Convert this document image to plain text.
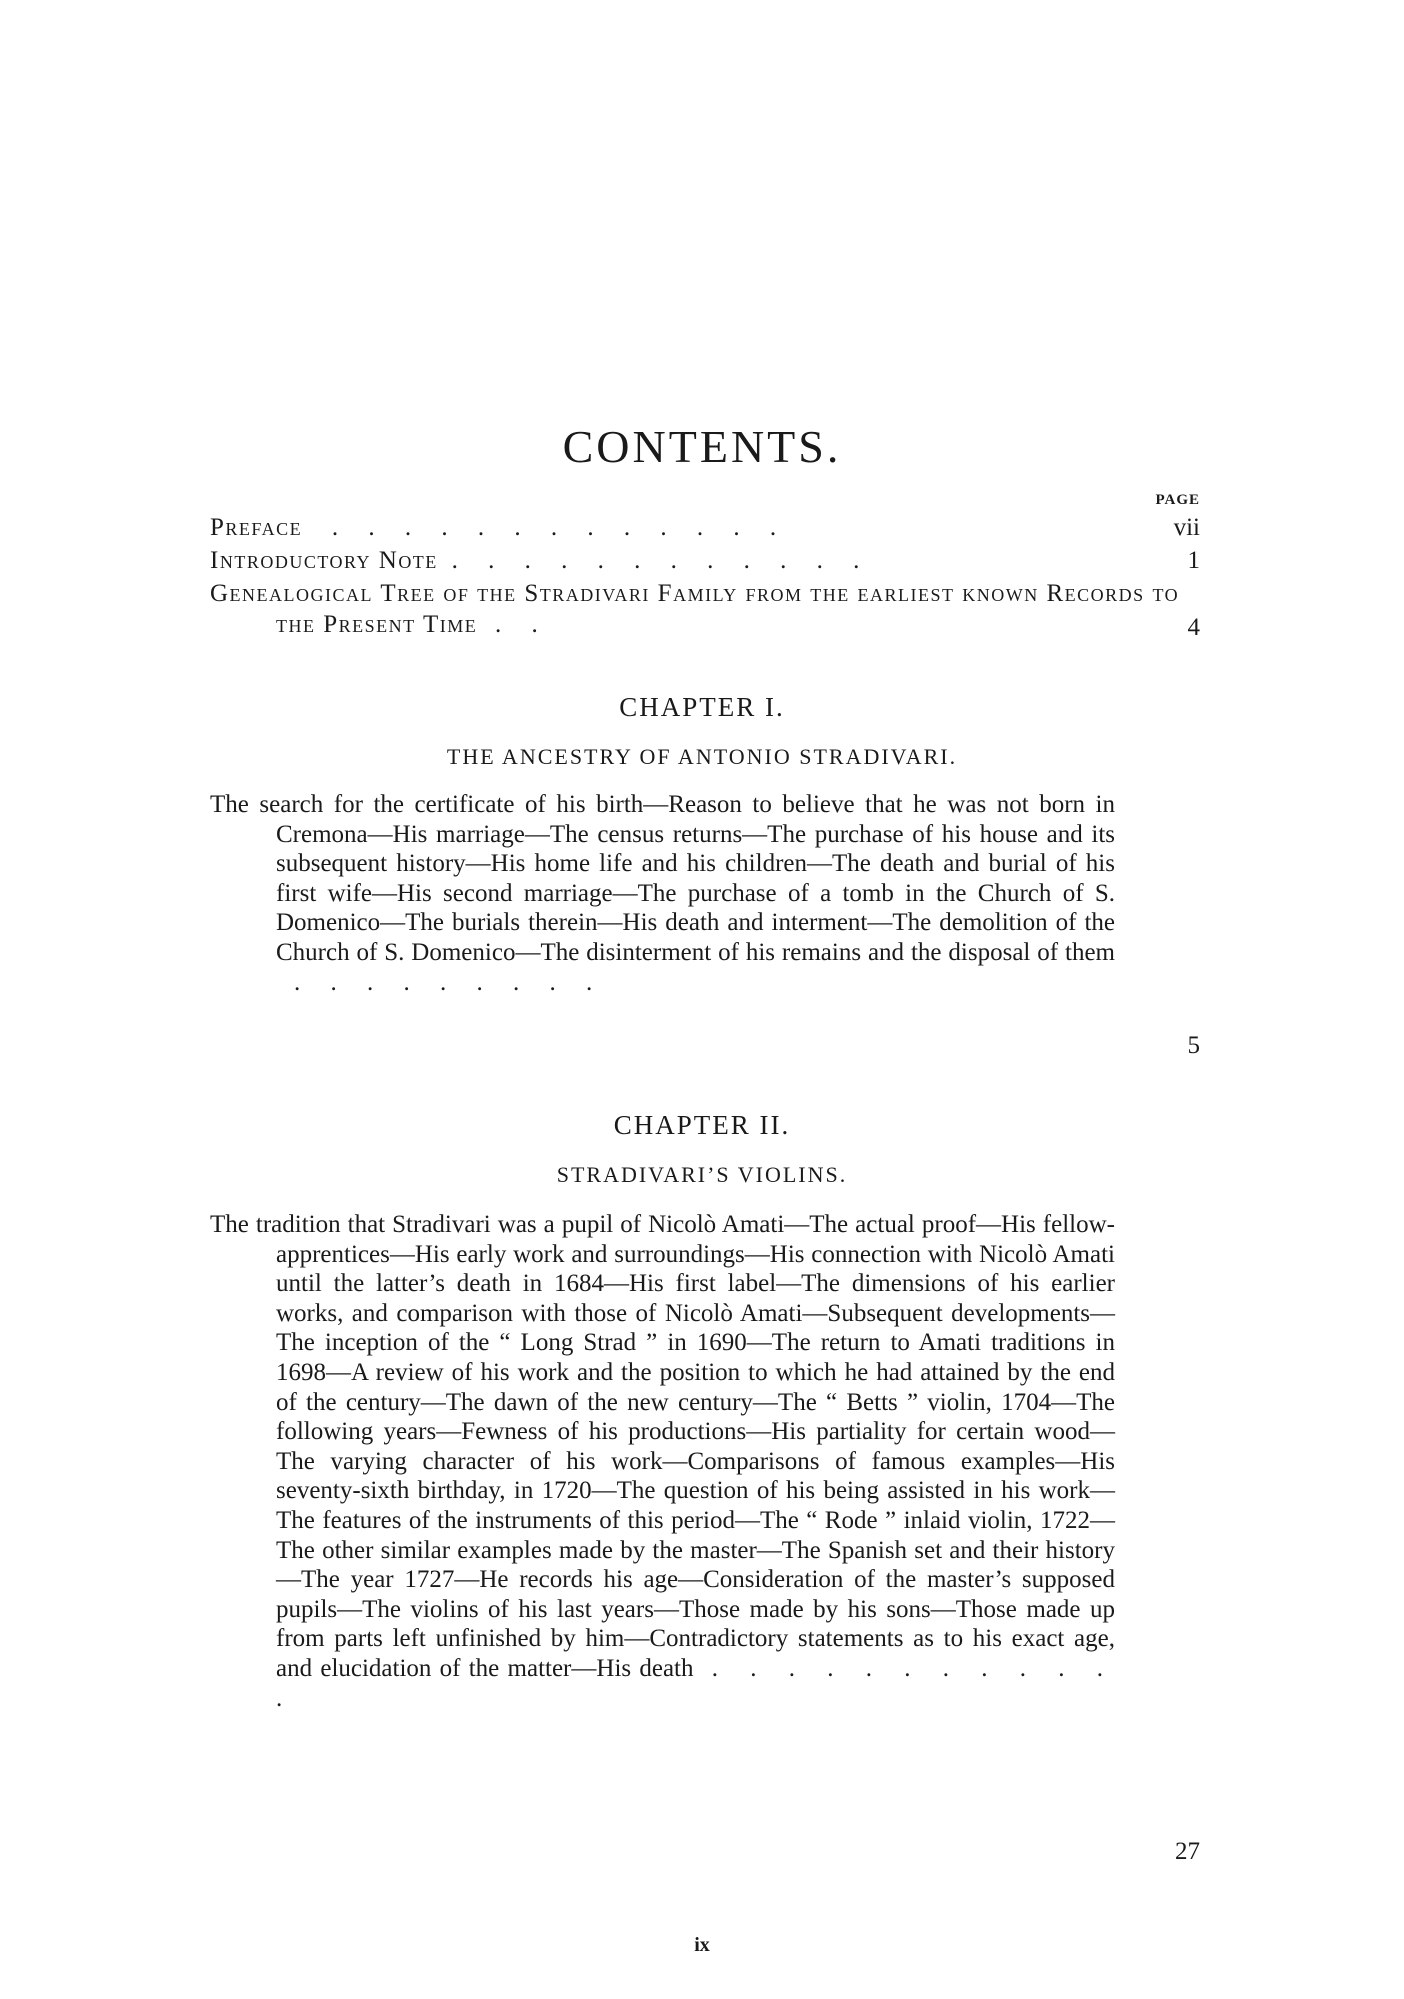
CONTENTS.
PAGE
Preface . . . . . . . . . . . . .	vii
Introductory Note . . . . . . . . . . . .	1
Genealogical Tree of the Stradivari Family from the earliest known Records to the Present Time . .	4
CHAPTER I.
THE ANCESTRY OF ANTONIO STRADIVARI.

The search for the certificate of his birth—Reason to believe that he was not born in Cremona—His marriage—The census returns—The purchase of his house and its subsequent history—His home life and his children—The death and burial of his first wife—His second marriage—The purchase of a tomb in the Church of S. Domenico—The burials therein—His death and interment—The demolition of the Church of S. Domenico—The disinterment of his remains and the disposal of them . . . . . . . . .

5
CHAPTER II.
STRADIVARI’S VIOLINS.

The tradition that Stradivari was a pupil of Nicolò Amati—The actual proof—His fellow-apprentices—His early work and surroundings—His connection with Nicolò Amati until the latter’s death in 1684—His first label—The dimensions of his earlier works, and comparison with those of Nicolò Amati—Subsequent developments—The inception of the “ Long Strad ” in 1690—The return to Amati traditions in 1698—A review of his work and the position to which he had attained by the end of the century—The dawn of the new century—The “ Betts ” violin, 1704—The following years—Fewness of his productions—His partiality for certain wood—The varying character of his work—Comparisons of famous examples—His seventy-sixth birthday, in 1720—The question of his being assisted in his work—The features of the instruments of this period—The “ Rode ” inlaid violin, 1722—The other similar examples made by the master—The Spanish set and their history—The year 1727—He records his age—Consideration of the master’s supposed pupils—The violins of his last years—Those made by his sons—Those made up from parts left unfinished by him—Contradictory statements as to his exact age, and elucidation of the matter—His death . . . . . . . . . . . .

27
ix
